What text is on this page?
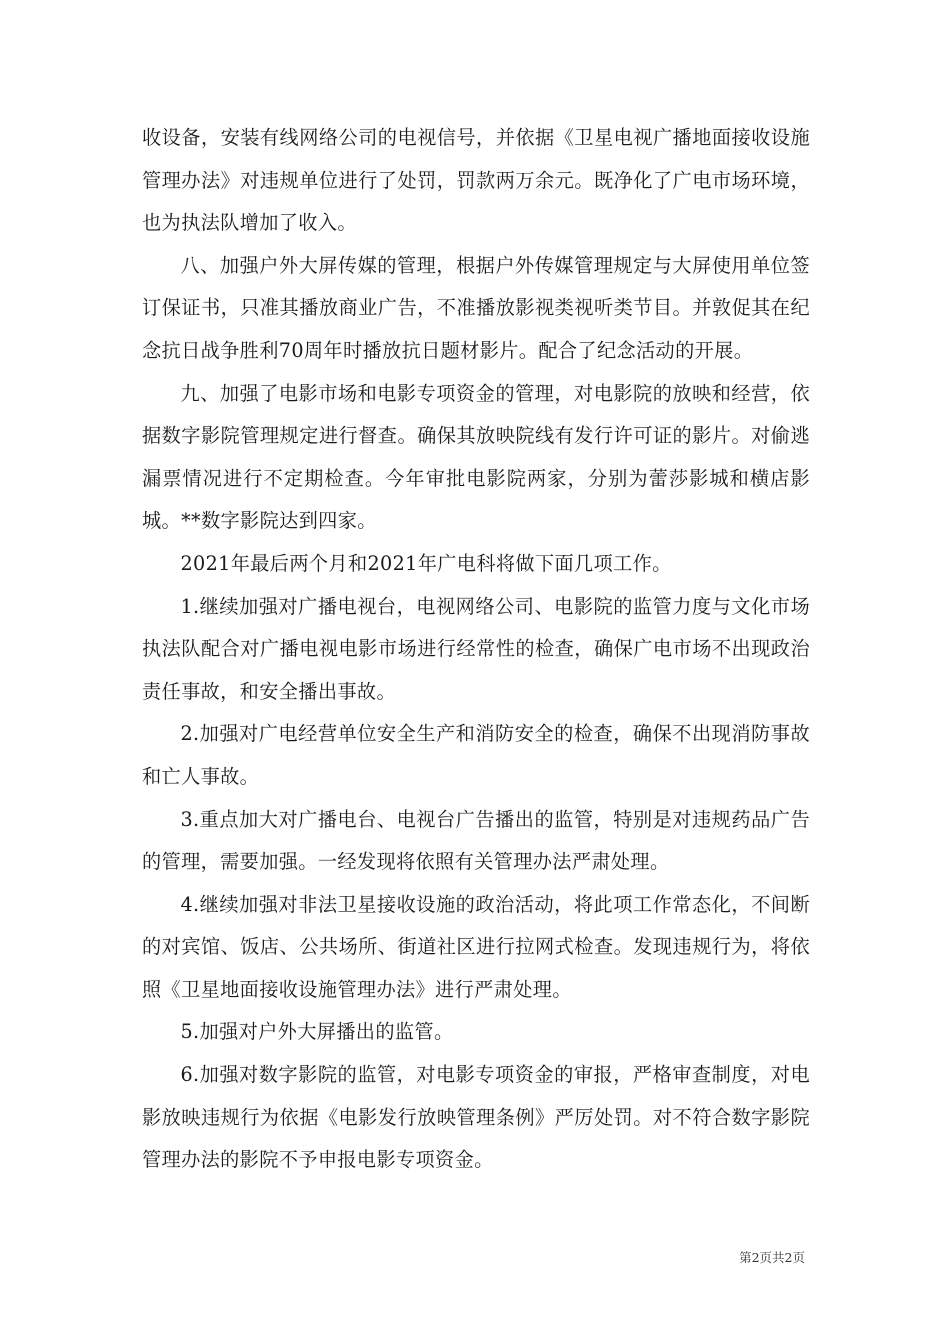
收设备，安装有线网络公司的电视信号，并依据《卫星电视广播地面接收设施管理办法》对违规单位进行了处罚，罚款两万余元。既净化了广电市场环境，也为执法队增加了收入。

八、加强户外大屏传媒的管理，根据户外传媒管理规定与大屏使用单位签订保证书，只准其播放商业广告，不准播放影视类视听类节目。并敦促其在纪念抗日战争胜利70周年时播放抗日题材影片。配合了纪念活动的开展。

九、加强了电影市场和电影专项资金的管理，对电影院的放映和经营，依据数字影院管理规定进行督查。确保其放映院线有发行许可证的影片。对偷逃漏票情况进行不定期检查。今年审批电影院两家，分别为蕾莎影城和横店影城。**数字影院达到四家。

2021年最后两个月和2021年广电科将做下面几项工作。

1.继续加强对广播电视台，电视网络公司、电影院的监管力度与文化市场执法队配合对广播电视电影市场进行经常性的检查，确保广电市场不出现政治责任事故，和安全播出事故。

2.加强对广电经营单位安全生产和消防安全的检查，确保不出现消防事故和亡人事故。

3.重点加大对广播电台、电视台广告播出的监管，特别是对违规药品广告的管理，需要加强。一经发现将依照有关管理办法严肃处理。

4.继续加强对非法卫星接收设施的政治活动，将此项工作常态化，不间断的对宾馆、饭店、公共场所、街道社区进行拉网式检查。发现违规行为，将依照《卫星地面接收设施管理办法》进行严肃处理。

5.加强对户外大屏播出的监管。

6.加强对数字影院的监管，对电影专项资金的审报，严格审查制度，对电影放映违规行为依据《电影发行放映管理条例》严厉处罚。对不符合数字影院管理办法的影院不予申报电影专项资金。

第2页共2页
